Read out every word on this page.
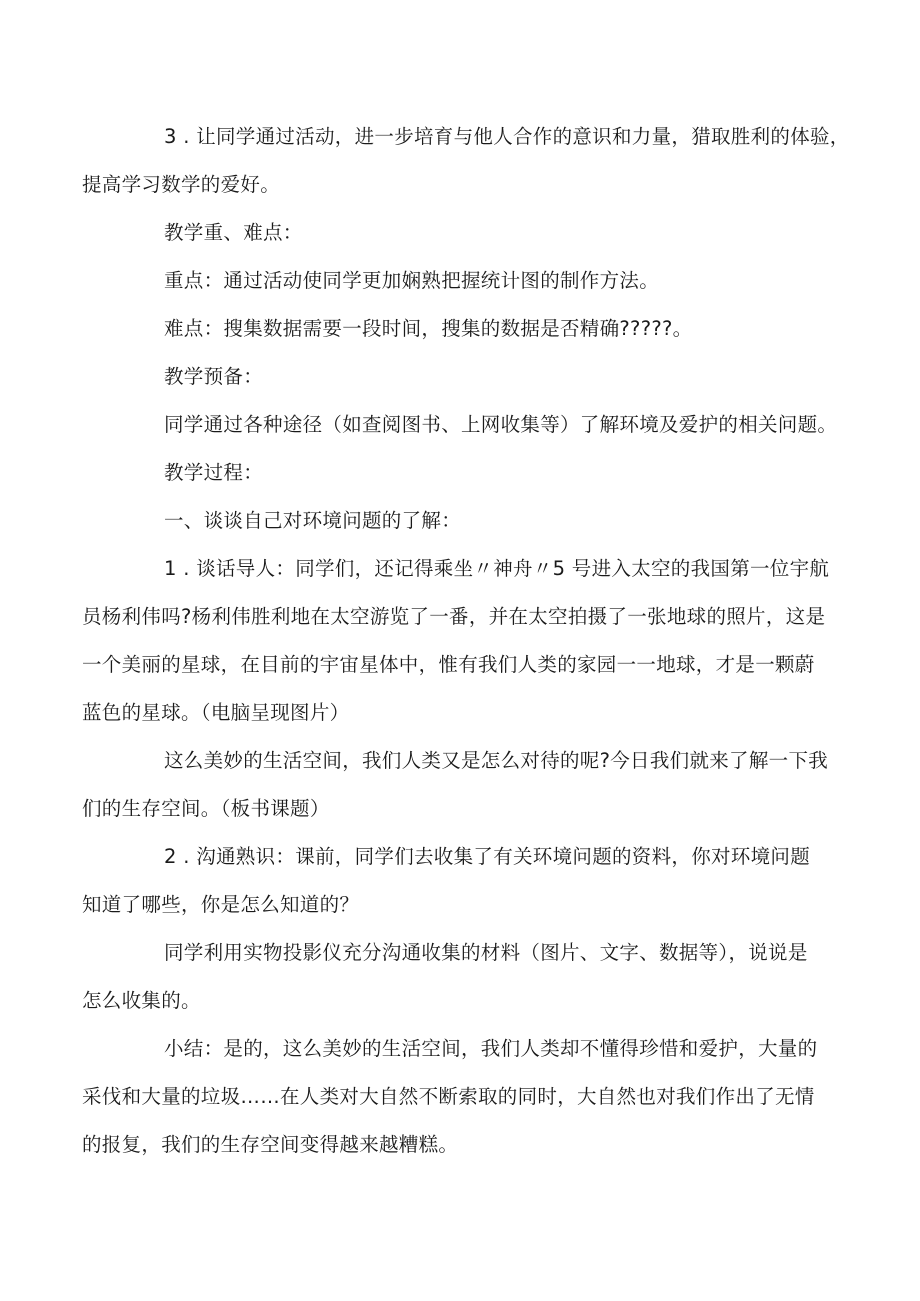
3 . 让同学通过活动，进一步培育与他人合作的意识和力量，猎取胜利的体验，
提高学习数学的爱好。
教学重、难点：
重点：通过活动使同学更加娴熟把握统计图的制作方法。
难点：搜集数据需要一段时间，搜集的数据是否精确?????。
教学预备：
同学通过各种途径（如查阅图书、上网收集等）了解环境及爱护的相关问题。
教学过程：
一、谈谈自己对环境问题的了解：
1 . 谈话导人：同学们，还记得乘坐〃神舟〃5 号进入太空的我国第一位宇航
员杨利伟吗?杨利伟胜利地在太空游览了一番，并在太空拍摄了一张地球的照片，这是
一个美丽的星球，在目前的宇宙星体中，惟有我们人类的家园一一地球，才是一颗蔚
蓝色的星球。（电脑呈现图片）
这么美妙的生活空间，我们人类又是怎么对待的呢?今日我们就来了解一下我
们的生存空间。（板书课题）
2 . 沟通熟识：课前，同学们去收集了有关环境问题的资料，你对环境问题
知道了哪些，你是怎么知道的？
同学利用实物投影仪充分沟通收集的材料（图片、文字、数据等），说说是
怎么收集的。
小结：是的，这么美妙的生活空间，我们人类却不懂得珍惜和爱护，大量的
采伐和大量的垃圾……在人类对大自然不断索取的同时，大自然也对我们作出了无情
的报复，我们的生存空间变得越来越糟糕。
